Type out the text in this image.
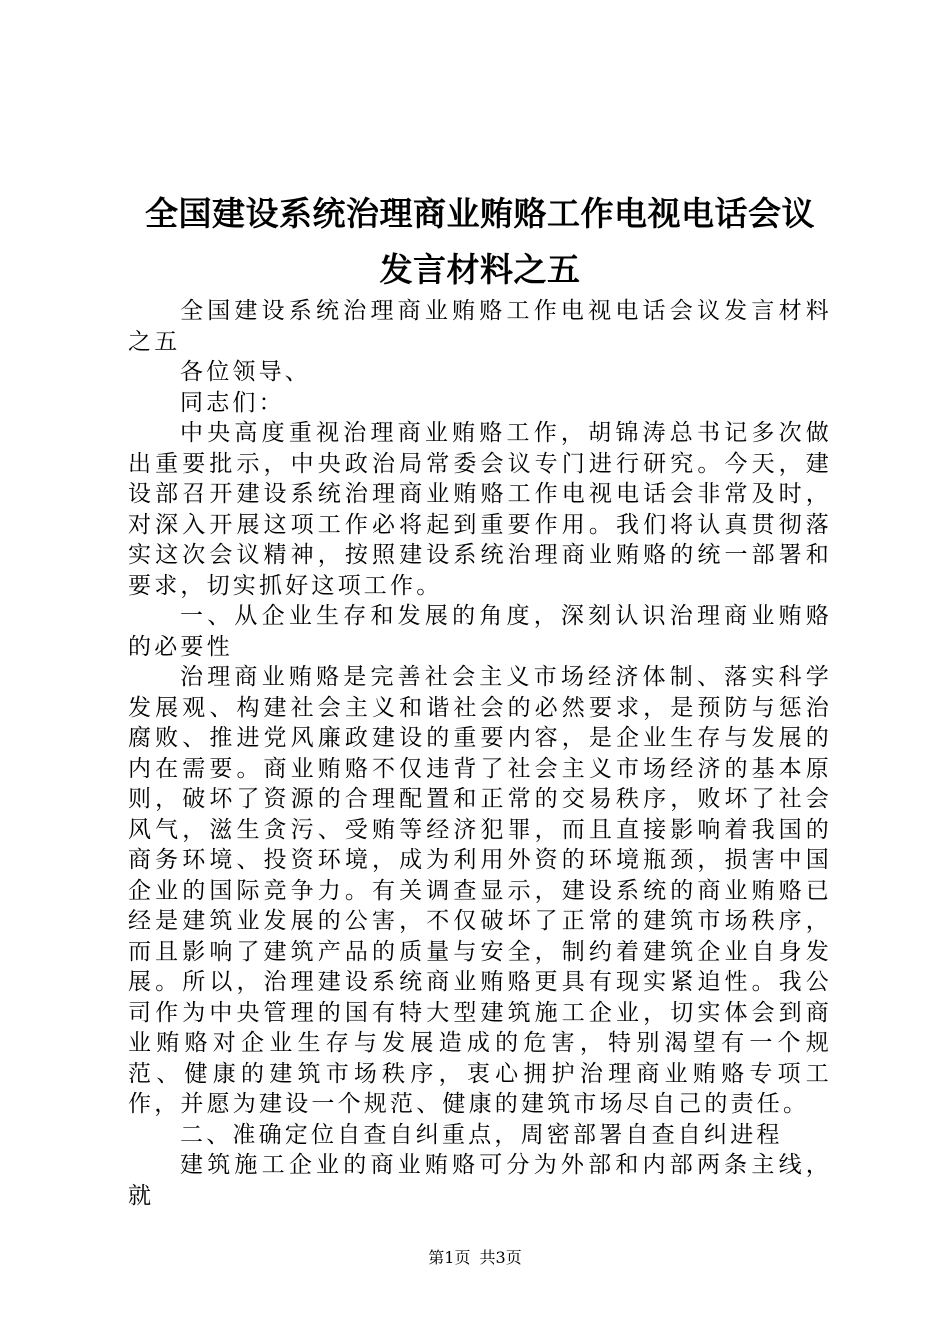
全国建设系统治理商业贿赂工作电视电话会议
发言材料之五

全国建设系统治理商业贿赂工作电视电话会议发言材料之五

各位领导、

同志们：

中央高度重视治理商业贿赂工作，胡锦涛总书记多次做出重要批示，中央政治局常委会议专门进行研究。今天，建设部召开建设系统治理商业贿赂工作电视电话会非常及时，对深入开展这项工作必将起到重要作用。我们将认真贯彻落实这次会议精神，按照建设系统治理商业贿赂的统一部署和要求，切实抓好这项工作。

一、从企业生存和发展的角度，深刻认识治理商业贿赂的必要性

治理商业贿赂是完善社会主义市场经济体制、落实科学发展观、构建社会主义和谐社会的必然要求，是预防与惩治腐败、推进党风廉政建设的重要内容，是企业生存与发展的内在需要。商业贿赂不仅违背了社会主义市场经济的基本原则，破坏了资源的合理配置和正常的交易秩序，败坏了社会风气，滋生贪污、受贿等经济犯罪，而且直接影响着我国的商务环境、投资环境，成为利用外资的环境瓶颈，损害中国企业的国际竞争力。有关调查显示，建设系统的商业贿赂已经是建筑业发展的公害，不仅破坏了正常的建筑市场秩序，而且影响了建筑产品的质量与安全，制约着建筑企业自身发展。所以，治理建设系统商业贿赂更具有现实紧迫性。我公司作为中央管理的国有特大型建筑施工企业，切实体会到商业贿赂对企业生存与发展造成的危害，特别渴望有一个规范、健康的建筑市场秩序，衷心拥护治理商业贿赂专项工作，并愿为建设一个规范、健康的建筑市场尽自己的责任。

二、准确定位自查自纠重点，周密部署自查自纠进程

建筑施工企业的商业贿赂可分为外部和内部两条主线，就

第1页 共3页
